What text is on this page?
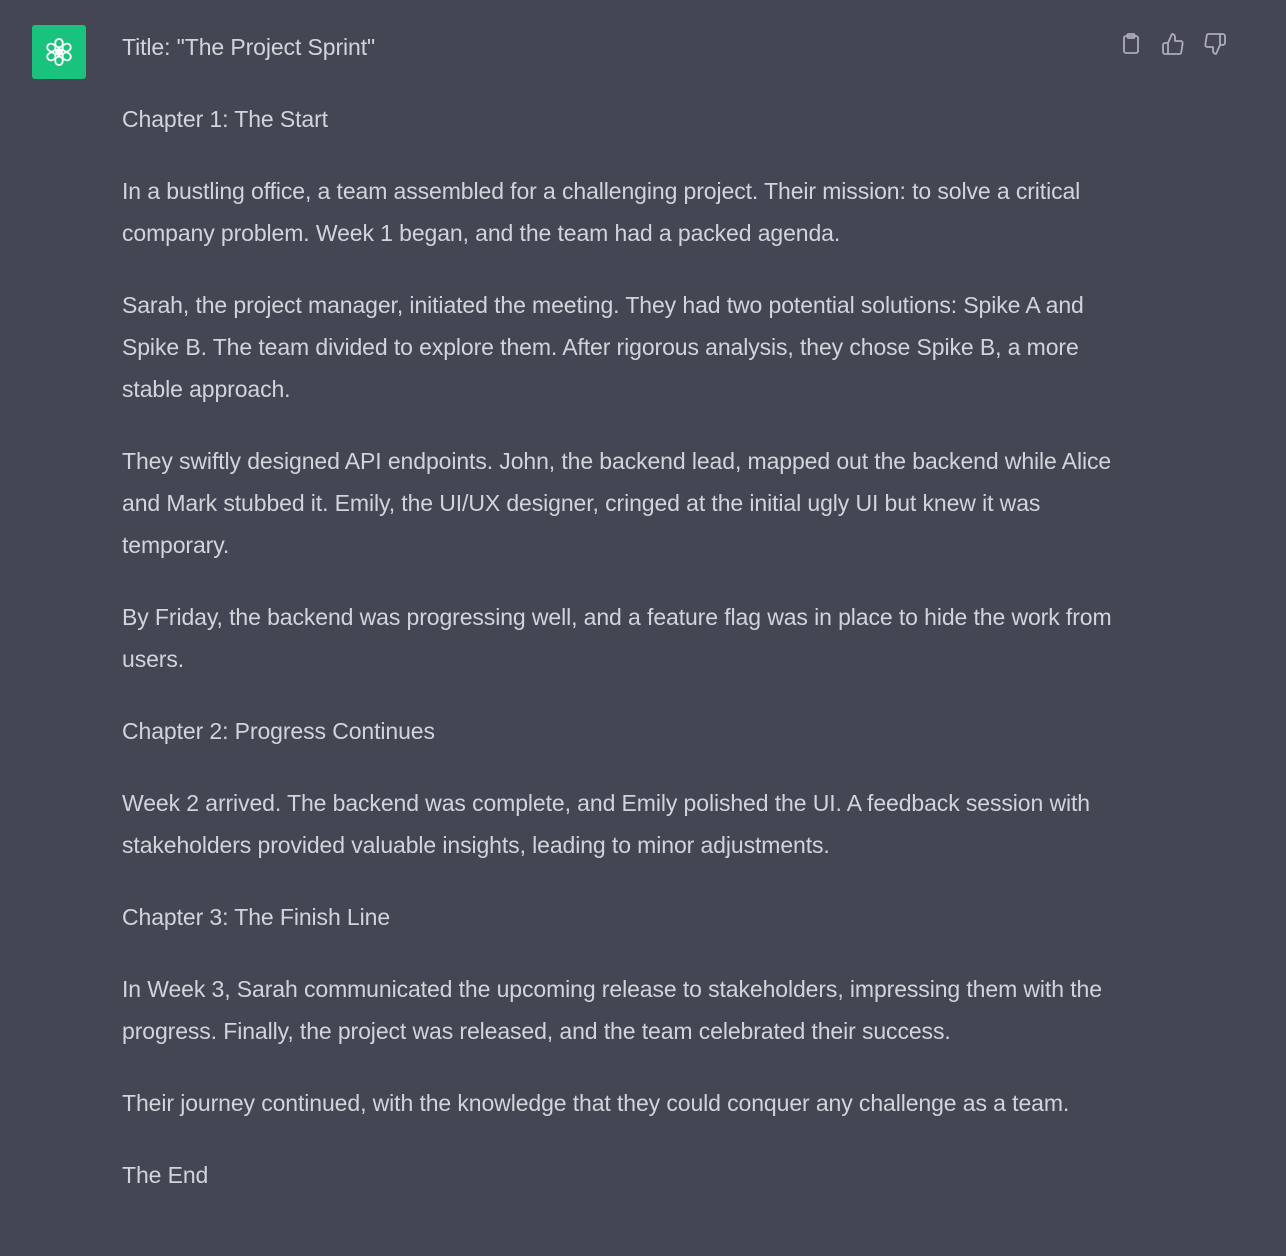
Title: "The Project Sprint"

Chapter 1: The Start

In a bustling office, a team assembled for a challenging project. Their mission: to solve a critical company problem. Week 1 began, and the team had a packed agenda.

Sarah, the project manager, initiated the meeting. They had two potential solutions: Spike A and Spike B. The team divided to explore them. After rigorous analysis, they chose Spike B, a more stable approach.

They swiftly designed API endpoints. John, the backend lead, mapped out the backend while Alice and Mark stubbed it. Emily, the UI/UX designer, cringed at the initial ugly UI but knew it was temporary.

By Friday, the backend was progressing well, and a feature flag was in place to hide the work from users.

Chapter 2: Progress Continues

Week 2 arrived. The backend was complete, and Emily polished the UI. A feedback session with stakeholders provided valuable insights, leading to minor adjustments.

Chapter 3: The Finish Line

In Week 3, Sarah communicated the upcoming release to stakeholders, impressing them with the progress. Finally, the project was released, and the team celebrated their success.

Their journey continued, with the knowledge that they could conquer any challenge as a team.

The End
